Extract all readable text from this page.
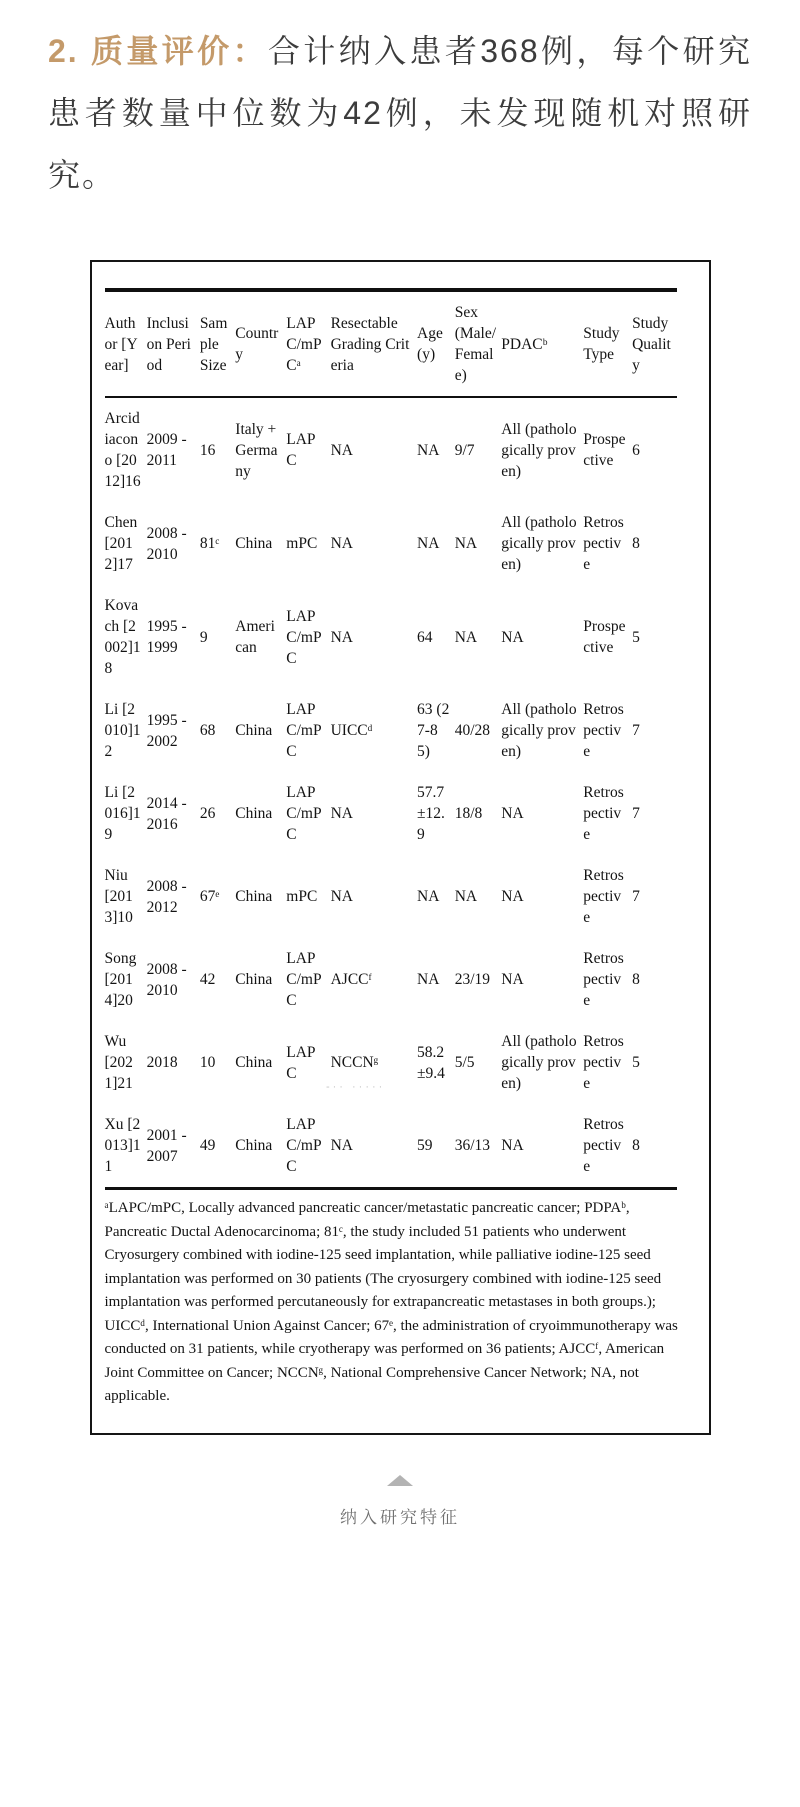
2. 质量评价：合计纳入患者368例，每个研究患者数量中位数为42例，未发现随机对照研究。

Author [Year]	Inclusion Period	Sample Size	Country	LAPC/mPCᵃ	Resectable Grading Criteria	Age (y)	Sex (Male/Female)	PDACᵇ	Study Type	Study Quality
Arcidiacono [2012]16	2009 - 2011	16	Italy + Germany	LAPC	NA	NA	9/7	All (pathologically proven)	Prospective	6
Chen [2012]17	2008 - 2010	81ᶜ	China	mPC	NA	NA	NA	All (pathologically proven)	Retrospective	8
Kovach [2002]18	1995 - 1999	9	American	LAPC/mPC	NA	64	NA	NA	Prospective	5
Li [2010]12	1995 - 2002	68	China	LAPC/mPC	UICCᵈ	63 (27-85)	40/28	All (pathologically proven)	Retrospective	7
Li [2016]19	2014 - 2016	26	China	LAPC/mPC	NA	57.7±12.9	18/8	NA	Retrospective	7
Niu [2013]10	2008 - 2012	67ᵉ	China	mPC	NA	NA	NA	NA	Retrospective	7
Song [2014]20	2008 - 2010	42	China	LAPC/mPC	AJCCᶠ	NA	23/19	NA	Retrospective	8
Wu [2021]21	2018	10	China	LAPC	NCCNᵍ	58.2±9.4	5/5	All (pathologically proven)	Retrospective	5
Xu [2013]11	2001 - 2007	49	China	LAPC/mPC	NA	59	36/13	NA	Retrospective	8
-·· ·····

ᵃLAPC/mPC, Locally advanced pancreatic cancer/metastatic pancreatic cancer; PDPAᵇ, Pancreatic Ductal Adenocarcinoma; 81ᶜ, the study included 51 patients who underwent Cryosurgery combined with iodine-125 seed implantation, while palliative iodine-125 seed implantation was performed on 30 patients (The cryosurgery combined with iodine-125 seed implantation was performed percutaneously for extrapancreatic metastases in both groups.); UICCᵈ, International Union Against Cancer; 67ᵉ, the administration of cryoimmunotherapy was conducted on 31 patients, while cryotherapy was performed on 36 patients; AJCCᶠ, American Joint Committee on Cancer; NCCNᵍ, National Comprehensive Cancer Network; NA, not applicable.

纳入研究特征
